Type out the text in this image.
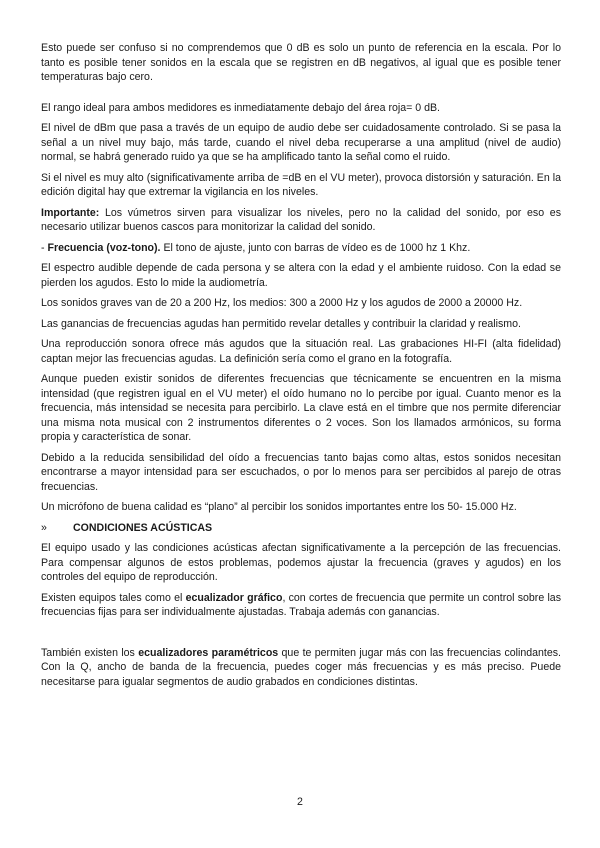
Esto puede ser confuso si no comprendemos que 0 dB es solo un punto de referencia en la escala. Por lo tanto es posible tener sonidos en la escala que se registren en dB negativos, al igual que es posible tener temperaturas bajo cero.

El rango ideal para ambos medidores es inmediatamente debajo del área roja= 0 dB.

El nivel de dBm que pasa a través de un equipo de audio debe ser cuidadosamente controlado. Si se pasa la señal a un nivel muy bajo, más tarde, cuando el nivel deba recuperarse a una amplitud (nivel de audio) normal, se habrá generado ruido ya que se ha amplificado tanto la señal como el ruido.

Si el nivel es muy alto (significativamente arriba de =dB en el VU meter), provoca distorsión y saturación. En la edición digital hay que extremar la vigilancia en los niveles.

Importante: Los vúmetros sirven para visualizar los niveles, pero no la calidad del sonido, por eso es necesario utilizar buenos cascos para monitorizar la calidad del sonido.

- Frecuencia (voz-tono). El tono de ajuste, junto con barras de vídeo es de 1000 hz 1 Khz.

El espectro audible depende de cada persona y se altera con la edad y el ambiente ruidoso. Con la edad se pierden los agudos. Esto lo mide la audiometría.

Los sonidos graves van de 20 a 200 Hz, los medios: 300 a 2000 Hz y los agudos de 2000 a 20000 Hz.

Las ganancias de frecuencias agudas han permitido revelar detalles y contribuir la claridad y realismo.

Una reproducción sonora ofrece más agudos que la situación real. Las grabaciones HI-FI (alta fidelidad) captan mejor las frecuencias agudas. La definición sería como el grano en la fotografía.

Aunque pueden existir sonidos de diferentes frecuencias que técnicamente se encuentren en la misma intensidad (que registren igual en el VU meter) el oído humano no lo percibe por igual. Cuanto menor es la frecuencia, más intensidad se necesita para percibirlo. La clave está en el timbre que nos permite diferenciar una misma nota musical con 2 instrumentos diferentes o 2 voces. Son los llamados armónicos, su forma propia y característica de sonar.

Debido a la reducida sensibilidad del oído a frecuencias tanto bajas como altas, estos sonidos necesitan encontrarse a mayor intensidad para ser escuchados, o por lo menos para ser percibidos al parejo de otras frecuencias.

Un micrófono de buena calidad es “plano” al percibir los sonidos importantes entre los 50- 15.000 Hz.

» CONDICIONES ACÚSTICAS

El equipo usado y las condiciones acústicas afectan significativamente a la percepción de las frecuencias. Para compensar algunos de estos problemas, podemos ajustar la frecuencia (graves y agudos) en los controles del equipo de reproducción.

Existen equipos tales como el ecualizador gráfico, con cortes de frecuencia que permite un control sobre las frecuencias fijas para ser individualmente ajustadas. Trabaja además con ganancias.

También existen los ecualizadores paramétricos que te permiten jugar más con las frecuencias colindantes. Con la Q, ancho de banda de la frecuencia, puedes coger más frecuencias y es más preciso. Puede necesitarse para igualar segmentos de audio grabados en condiciones distintas.

2
